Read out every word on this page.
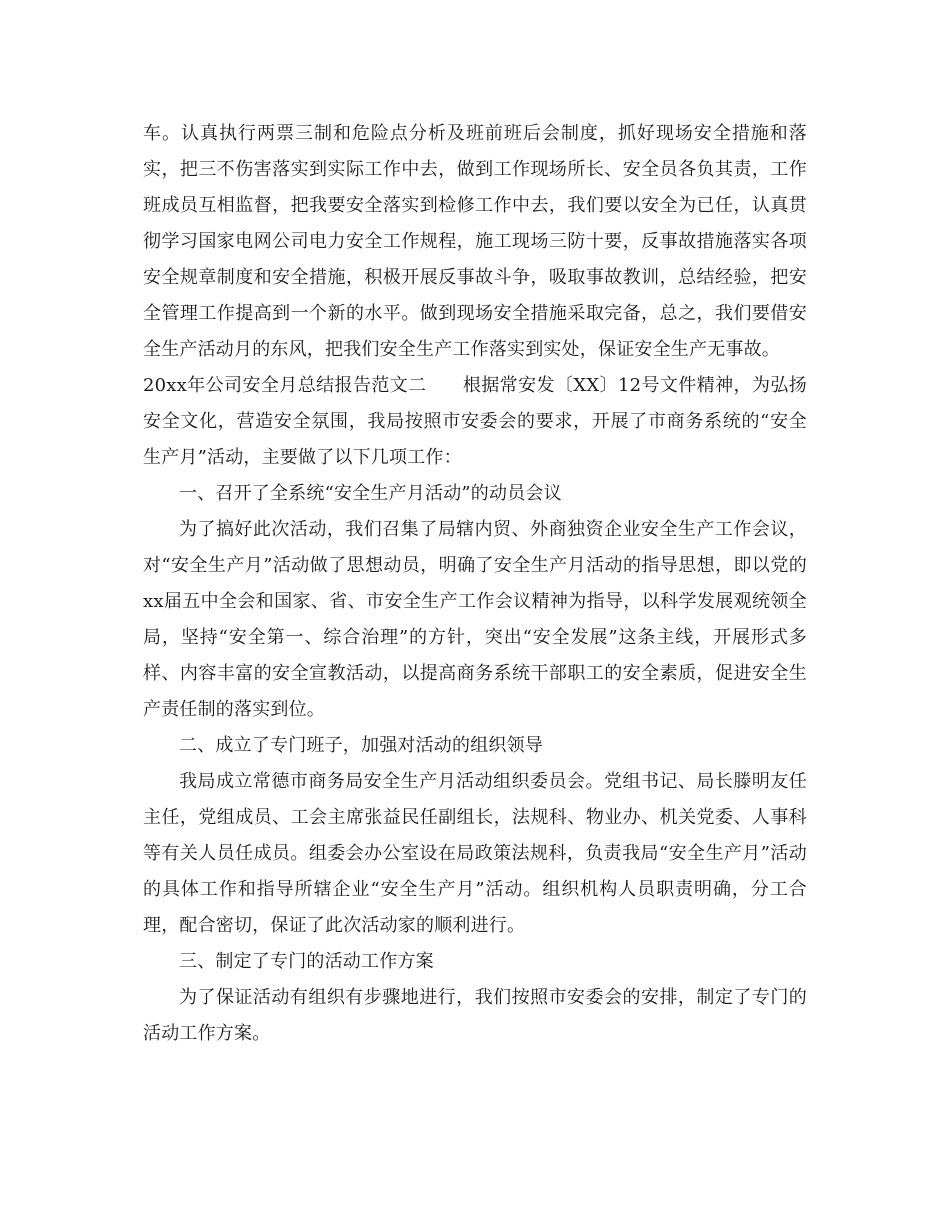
车。认真执行两票三制和危险点分析及班前班后会制度，抓好现场安全措施和落实，把三不伤害落实到实际工作中去，做到工作现场所长、安全员各负其责，工作班成员互相监督，把我要安全落实到检修工作中去，我们要以安全为已任，认真贯彻学习国家电网公司电力安全工作规程，施工现场三防十要，反事故措施落实各项安全规章制度和安全措施，积极开展反事故斗争，吸取事故教训，总结经验，把安全管理工作提高到一个新的水平。做到现场安全措施采取完备，总之，我们要借安全生产活动月的东风，把我们安全生产工作落实到实处，保证安全生产无事故。

20xx年公司安全月总结报告范文二 根据常安发〔XX〕12号文件精神，为弘扬安全文化，营造安全氛围，我局按照市安委会的要求，开展了市商务系统的“安全生产月”活动，主要做了以下几项工作：

一、召开了全系统“安全生产月活动”的动员会议

为了搞好此次活动，我们召集了局辖内贸、外商独资企业安全生产工作会议，对“安全生产月”活动做了思想动员，明确了安全生产月活动的指导思想，即以党的xx届五中全会和国家、省、市安全生产工作会议精神为指导，以科学发展观统领全局，坚持“安全第一、综合治理”的方针，突出“安全发展”这条主线，开展形式多样、内容丰富的安全宣教活动，以提高商务系统干部职工的安全素质，促进安全生产责任制的落实到位。

二、成立了专门班子，加强对活动的组织领导

我局成立常德市商务局安全生产月活动组织委员会。党组书记、局长滕明友任主任，党组成员、工会主席张益民任副组长，法规科、物业办、机关党委、人事科等有关人员任成员。组委会办公室设在局政策法规科，负责我局“安全生产月”活动的具体工作和指导所辖企业“安全生产月”活动。组织机构人员职责明确，分工合理，配合密切，保证了此次活动家的顺利进行。

三、制定了专门的活动工作方案

为了保证活动有组织有步骤地进行，我们按照市安委会的安排，制定了专门的活动工作方案。
